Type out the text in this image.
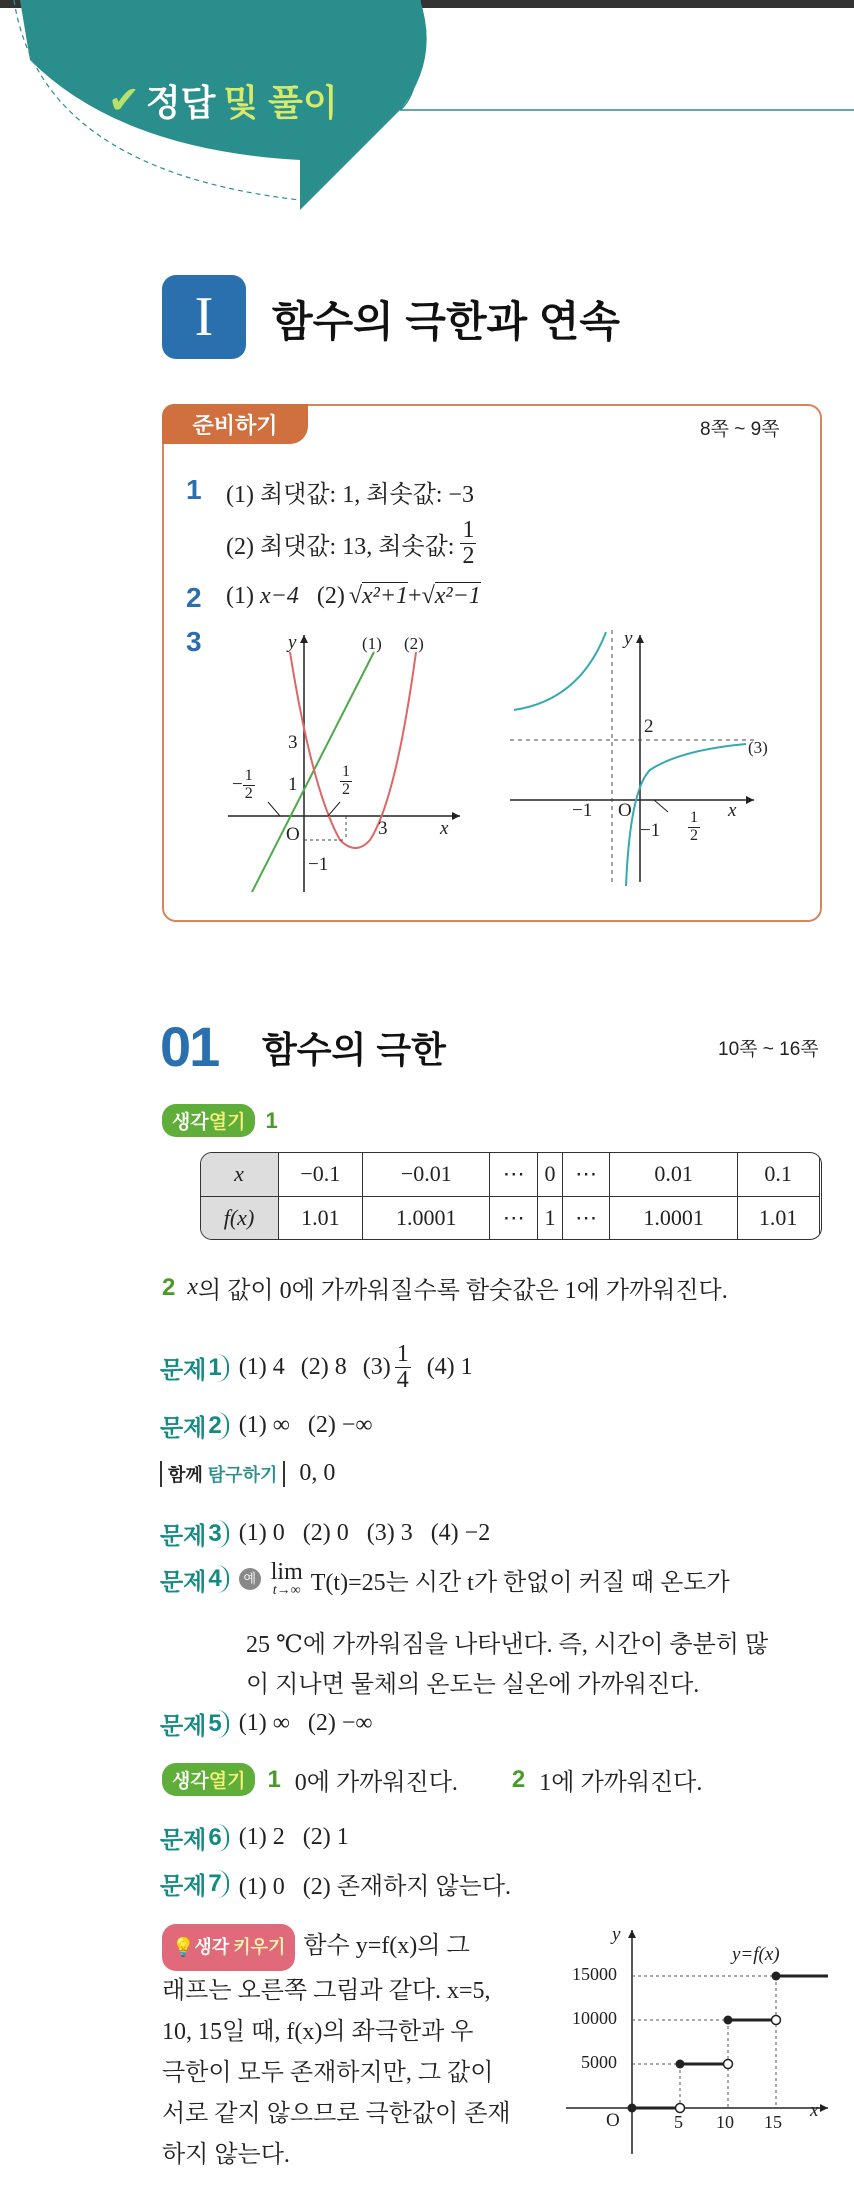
✔ 정답 및 풀이
I 함수의 극한과 연속
준비하기	8쪽 ~ 9쪽
1 (1) 최댓값: 1, 최솟값: −3
(2) 최댓값: 13, 최솟값: $\frac{1}{2}$
2 (1) x−4 (2) √ x²+1 + √ x²−1
3	y	(1) (2)
3
1
− $\frac{1}{2}$	$\frac{1}{2}$
O	3	x
−1
y
2
(3)
−1 O	x
$-1 \frac{1}{2}$
01 함수의 극한	10쪽 ~ 16쪽
생각열기 1
x	−0.1	−0.01	⋯	0	⋯	0.01	0.1
f(x)	1.01	1.0001	⋯	1	⋯	1.0001	1.01
2 x 의 값이 0에 가까워질수록 함숫값은 1에 가까워진다.
문제 1 (1) 4 (2) 8 $(3) \frac{1}{4} (4)$ 1
문제 2 (1) ∞   (2) −∞
함께 탐구하기 0, 0
문제 3 (1) 0   (2) 0   (3) 3   (4) −2
문제 4	예 lim
t→∞ T(t)=25는 시간 t가 한없이 커질 때 온도가
25 ℃에 가까워짐을 나타낸다. 즉, 시간이 충분히 많
이 지나면 물체의 온도는 실온에 가까워진다.
문제 5 (1) ∞   (2) −∞
생각열기 1 0에 가까워진다. 2 1에 가까워진다.
문제 6 (1) 2   (2) 1
문제 7 (1) 0   (2) 존재하지 않는다.
💡생각 키우기 함수 y=f(x)의 그
래프는 오른쪽 그림과 같다. x=5,
10, 15일 때, f(x)의 좌극한과 우
극한이 모두 존재하지만, 그 값이
서로 같지 않으므로 극한값이 존재
하지 않는다.
y
y=f(x)
15000
10000
5000
O	5 10 15
x
